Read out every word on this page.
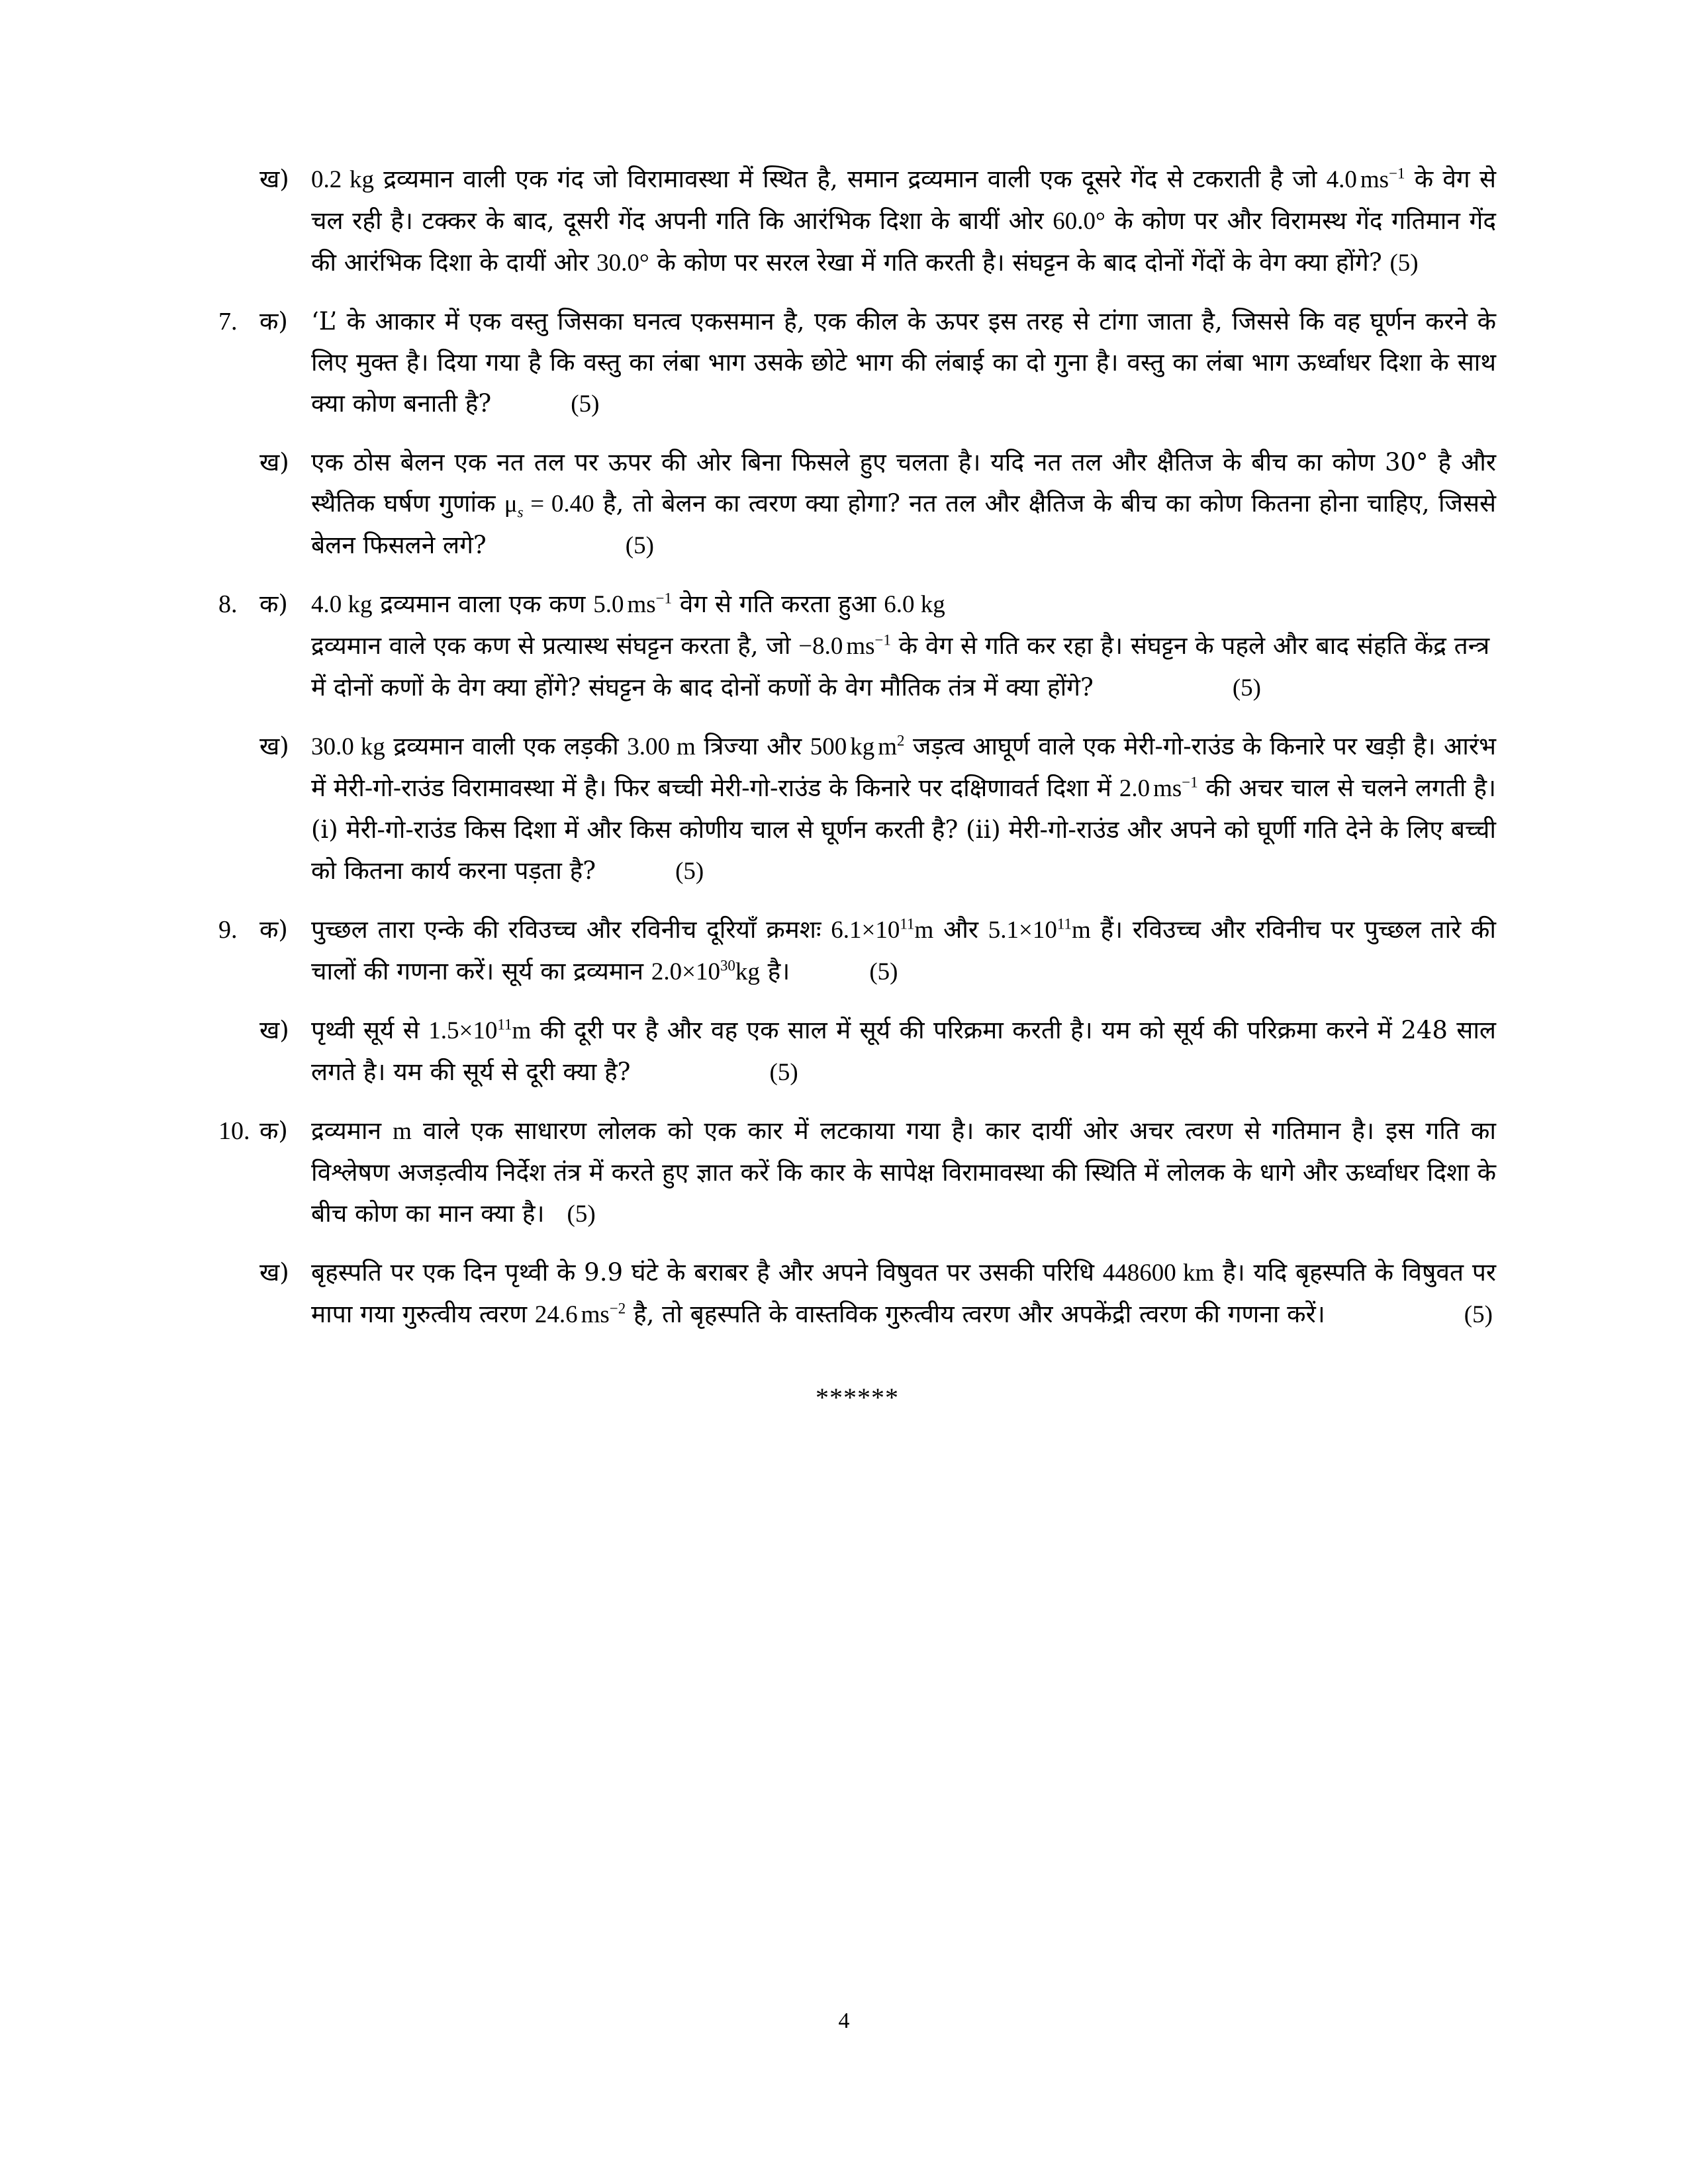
ख) 0.2 kg द्रव्यमान वाली एक गंद जो विरामावस्था में स्थित है, समान द्रव्यमान वाली एक दूसरे गेंद से टकराती है जो 4.0 $ms^{-1}$ के वेग से चल रही है। टक्कर के बाद, दूसरी गेंद अपनी गति कि आरंभिक दिशा के बायीं ओर 60.0° के कोण पर और विरामस्थ गेंद गतिमान गेंद की आरंभिक दिशा के दायीं ओर 30.0° के कोण पर सरल रेखा में गति करती है। संघट्टन के बाद दोनों गेंदों के वेग क्या होंगे? (5)
7. क) ‘L’ के आकार में एक वस्तु जिसका घनत्व एकसमान है, एक कील के ऊपर इस तरह से टांगा जाता है, जिससे कि वह घूर्णन करने के लिए मुक्त है। दिया गया है कि वस्तु का लंबा भाग उसके छोटे भाग की लंबाई का दो गुना है। वस्तु का लंबा भाग ऊर्ध्वाधर दिशा के साथ क्या कोण बनाती है?	(5)
ख) एक ठोस बेलन एक नत तल पर ऊपर की ओर बिना फिसले हुए चलता है। यदि नत तल और क्षैतिज के बीच का कोण 30° है और स्थैतिक घर्षण गुणांक $\mu_s = 0.40$ है, तो बेलन का त्वरण क्या होगा? नत तल और क्षैतिज के बीच का कोण कितना होना चाहिए, जिससे बेलन फिसलने लगे?	(5)
8. क) 4.0 kg द्रव्यमान वाला एक कण 5.0 $ms^{-1}$ वेग से गति करता हुआ 6.0 kg
द्रव्यमान वाले एक कण से प्रत्यास्थ संघट्टन करता है, जो −8.0 $ms^{-1}$ के वेग से गति कर रहा है। संघट्टन के पहले और बाद संहति केंद्र तन्त्र में दोनों कणों के वेग क्या होंगे? संघट्टन के बाद दोनों कणों के वेग मौतिक तंत्र में क्या होंगे?	(5)
ख) 30.0 kg द्रव्यमान वाली एक लड़की 3.00 m त्रिज्या और 500 kg $m^2$ जड़त्व आघूर्ण वाले एक मेरी-गो-राउंड के किनारे पर खड़ी है। आरंभ में मेरी-गो-राउंड विरामावस्था में है। फिर बच्ची मेरी-गो-राउंड के किनारे पर दक्षिणावर्त दिशा में 2.0 $ms^{-1}$ की अचर चाल से चलने लगती है। (i) मेरी-गो-राउंड किस दिशा में और किस कोणीय चाल से घूर्णन करती है? (ii) मेरी-गो-राउंड और अपने को घूर्णी गति देने के लिए बच्ची को कितना कार्य करना पड़ता है?	(5)
9. क) पुच्छल तारा एन्के की रविउच्च और रविनीच दूरियाँ क्रमशः $6.1\times 10^{11}m$ और $5.1\times 10^{11}m$ हैं। रविउच्च और रविनीच पर पुच्छल तारे की चालों की गणना करें। सूर्य का द्रव्यमान $2.0\times 10^{30}kg$ है।	(5)
ख) पृथ्वी सूर्य से $1.5\times 10^{11}m$ की दूरी पर है और वह एक साल में सूर्य की परिक्रमा करती है। यम को सूर्य की परिक्रमा करने में 248 साल लगते है। यम की सूर्य से दूरी क्या है?	(5)
10. क) द्रव्यमान m वाले एक साधारण लोलक को एक कार में लटकाया गया है। कार दायीं ओर अचर त्वरण से गतिमान है। इस गति का विश्लेषण अजड़त्वीय निर्देश तंत्र में करते हुए ज्ञात करें कि कार के सापेक्ष विरामावस्था की स्थिति में लोलक के धागे और ऊर्ध्वाधर दिशा के बीच कोण का मान क्या है। (5)
ख) बृहस्पति पर एक दिन पृथ्वी के 9.9 घंटे के बराबर है और अपने विषुवत पर उसकी परिधि 448600 km है। यदि बृहस्पति के विषुवत पर मापा गया गुरुत्वीय त्वरण 24.6 $ms^{-2}$ है, तो बृहस्पति के वास्तविक गुरुत्वीय त्वरण और अपकेंद्री त्वरण की गणना करें।	(5)
******
4
